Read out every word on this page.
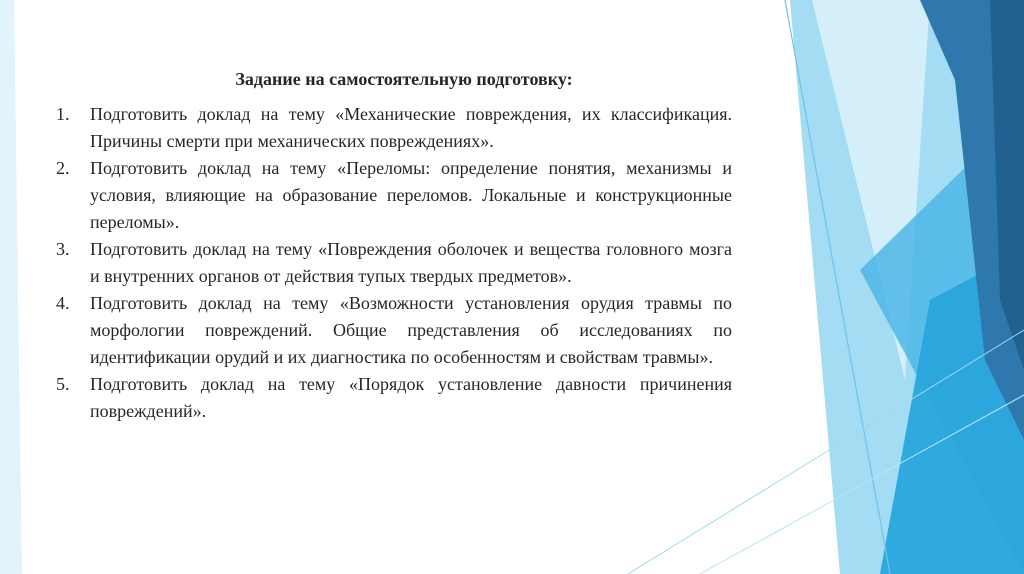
Задание на самостоятельную подготовку:
1. Подготовить доклад на тему «Механические повреждения, их классификация. Причины смерти при механических повреждениях».
2. Подготовить доклад на тему «Переломы: определение понятия, механизмы и условия, влияющие на образование переломов. Локальные и конструкционные переломы».
3. Подготовить доклад на тему «Повреждения оболочек и вещества головного мозга и внутренних органов от действия тупых твердых предметов».
4. Подготовить доклад на тему «Возможности установления орудия травмы по морфологии повреждений. Общие представления об исследованиях по идентификации орудий и их диагностика по особенностям и свойствам травмы».
5. Подготовить доклад на тему «Порядок установление давности причинения повреждений».
